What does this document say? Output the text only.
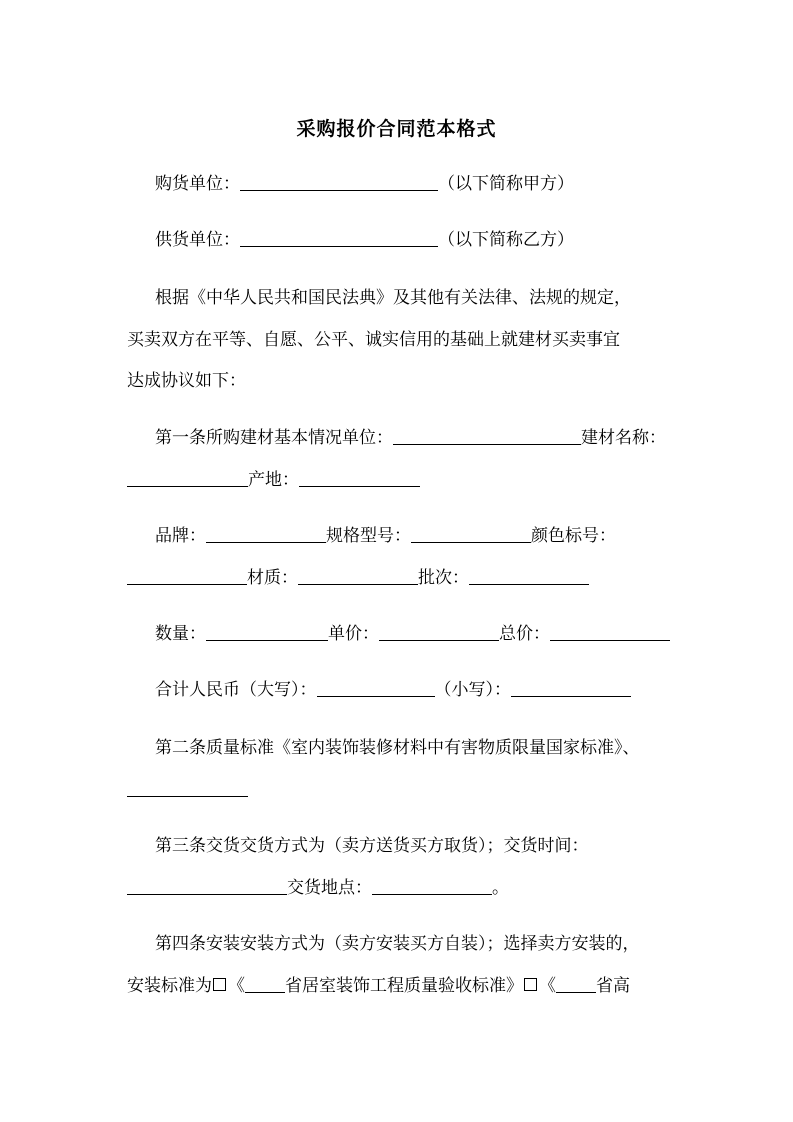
采购报价合同范本格式
购货单位：	（以下简称甲方）
供货单位：	（以下简称乙方）
根据《中华人民共和国民法典》及其他有关法律、法规的规定，
买卖双方在平等、自愿、公平、诚实信用的基础上就建材买卖事宜
达成协议如下：
第一条所购建材基本情况单位：	建材名称：
产地：
品牌：	规格型号：	颜色标号：
材质：	批次：
数量：	单价：	总价：
合计人民币（大写）：	（小写）：
第二条质量标准《室内装饰装修材料中有害物质限量国家标准》、
第三条交货交货方式为（卖方送货买方取货）；交货时间：
交货地点：	。
第四条安装安装方式为（卖方安装买方自装）；选择卖方安装的，
安装标准为 《 省居室装饰工程质量验收标准》 《 省高
